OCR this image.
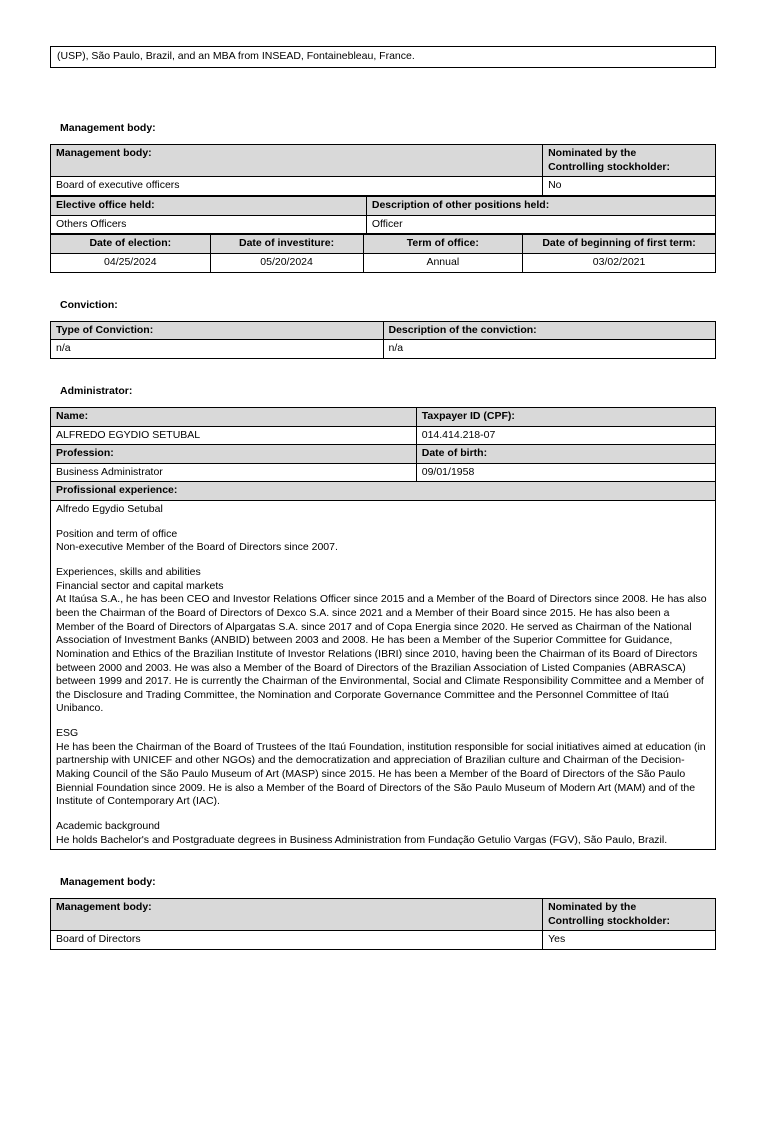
(USP), São Paulo, Brazil, and an MBA from INSEAD, Fontainebleau, France.
Management body:
Management body:	Nominated by the
Controlling stockholder:
Board of executive officers	No
Elective office held:	Description of other positions held:
Others Officers	Officer
Date of election:	Date of investiture:	Term of office:	Date of beginning of first term:
04/25/2024	05/20/2024	Annual	03/02/2021
Conviction:
Type of Conviction:	Description of the conviction:
n/a	n/a
Administrator:
Name:	Taxpayer ID (CPF):
ALFREDO EGYDIO SETUBAL	014.414.218-07
Profession:	Date of birth:
Business Administrator	09/01/1958
Profissional experience:	

Alfredo Egydio Setubal

Position and term of office

Non-executive Member of the Board of Directors since 2007.

Experiences, skills and abilities

Financial sector and capital markets

At Itaúsa S.A., he has been CEO and Investor Relations Officer since 2015 and a Member of the Board of Directors since 2008. He has also been the Chairman of the Board of Directors of Dexco S.A. since 2021 and a Member of their Board since 2015. He has also been a Member of the Board of Directors of Alpargatas S.A. since 2017 and of Copa Energia since 2020. He served as Chairman of the National Association of Investment Banks (ANBID) between 2003 and 2008. He has been a Member of the Superior Committee for Guidance, Nomination and Ethics of the Brazilian Institute of Investor Relations (IBRI) since 2010, having been the Chairman of its Board of Directors between 2000 and 2003. He was also a Member of the Board of Directors of the Brazilian Association of Listed Companies (ABRASCA) between 1999 and 2017. He is currently the Chairman of the Environmental, Social and Climate Responsibility Committee and a Member of the Disclosure and Trading Committee, the Nomination and Corporate Governance Committee and the Personnel Committee of Itaú Unibanco.

ESG

He has been the Chairman of the Board of Trustees of the Itaú Foundation, institution responsible for social initiatives aimed at education (in partnership with UNICEF and other NGOs) and the democratization and appreciation of Brazilian culture and Chairman of the Decision-Making Council of the São Paulo Museum of Art (MASP) since 2015. He has been a Member of the Board of Directors of the São Paulo Biennial Foundation since 2009. He is also a Member of the Board of Directors of the São Paulo Museum of Modern Art (MAM) and of the Institute of Contemporary Art (IAC).

Academic background

He holds Bachelor's and Postgraduate degrees in Business Administration from Fundação Getulio Vargas (FGV), São Paulo, Brazil.

Management body:
Management body:	Nominated by the
Controlling stockholder:
Board of Directors	Yes
